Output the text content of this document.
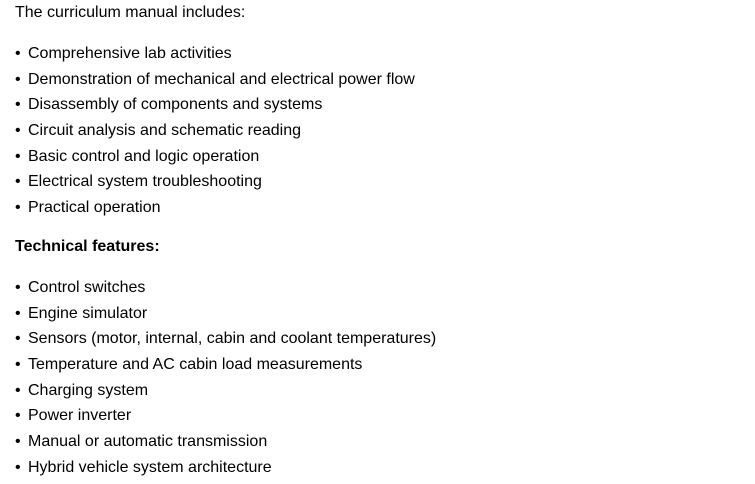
The curriculum manual includes:

• Comprehensive lab activities
• Demonstration of mechanical and electrical power flow
• Disassembly of components and systems
• Circuit analysis and schematic reading
• Basic control and logic operation
• Electrical system troubleshooting
• Practical operation

Technical features:

• Control switches
• Engine simulator
• Sensors (motor, internal, cabin and coolant temperatures)
• Temperature and AC cabin load measurements
• Charging system
• Power inverter
• Manual or automatic transmission
• Hybrid vehicle system architecture
